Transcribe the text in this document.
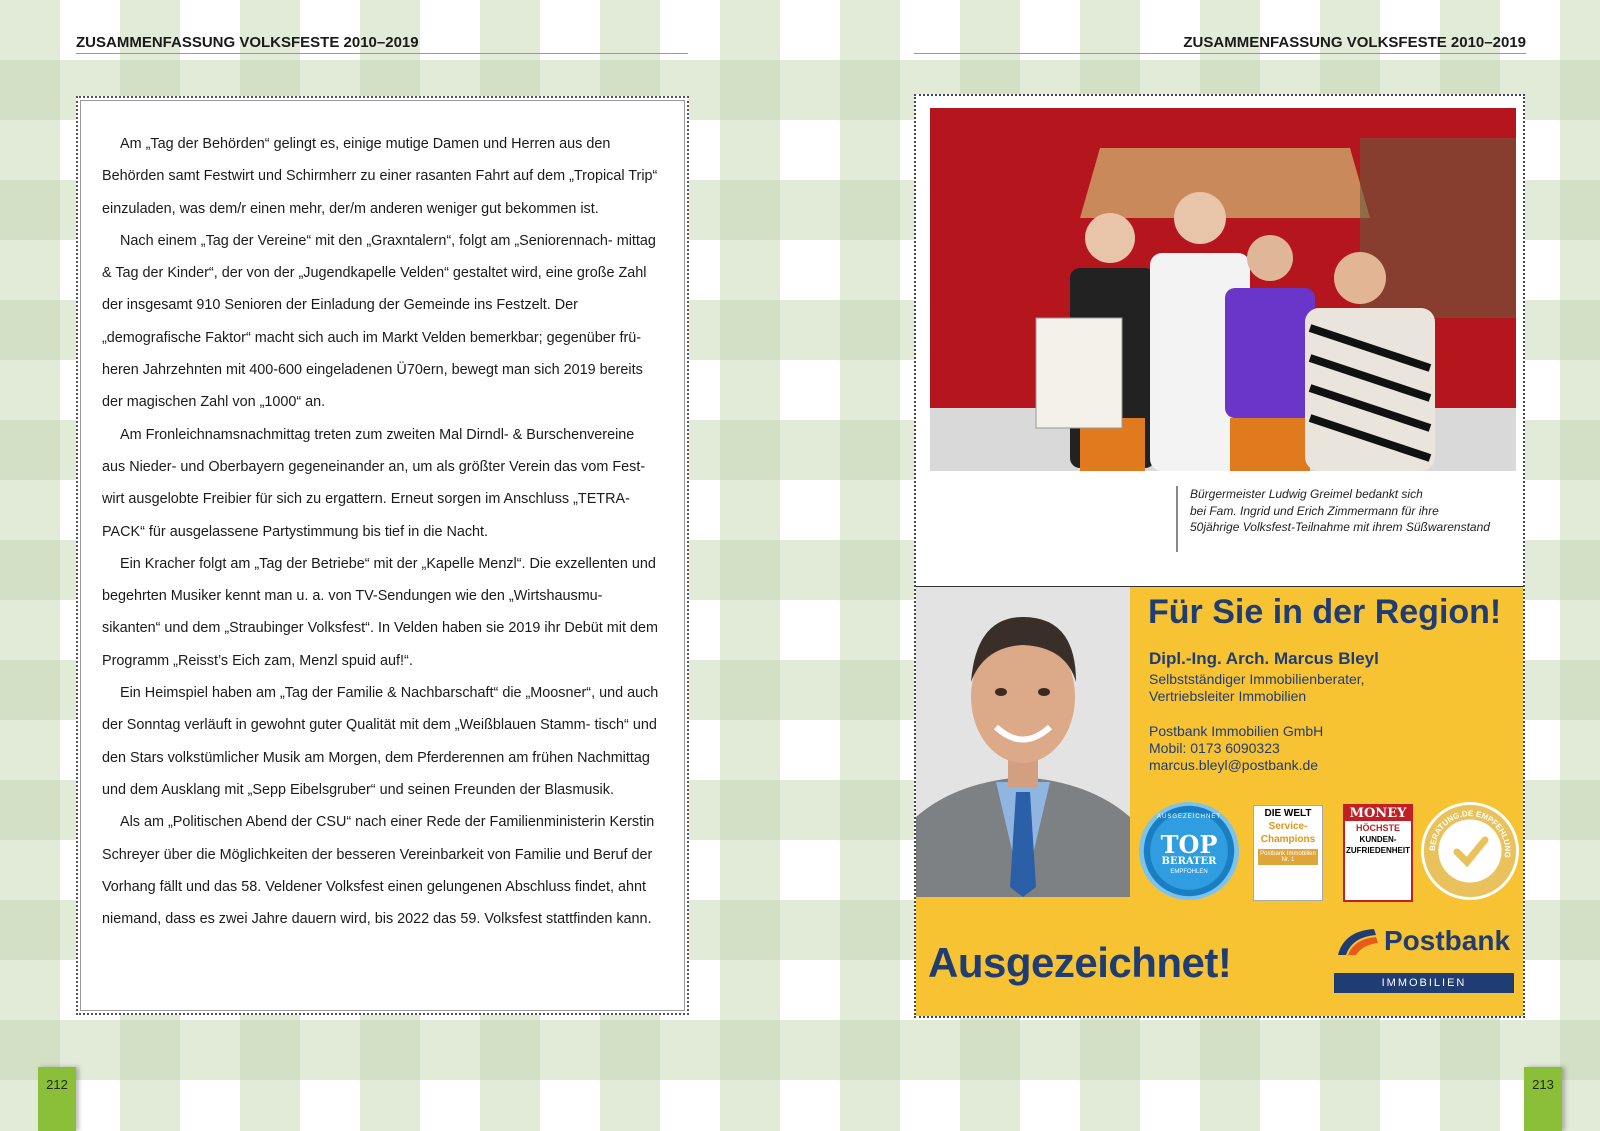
ZUSAMMENFASSUNG VOLKSFESTE 2010–2019	ZUSAMMENFASSUNG VOLKSFESTE 2010–2019

Am „Tag der Behörden“ gelingt es, einige mutige Damen und Herren aus den Behörden samt Festwirt und Schirmherr zu einer rasanten Fahrt auf dem „Tropical Trip“ einzuladen, was dem/r einen mehr, der/m anderen weniger gut bekommen ist.

Nach einem „Tag der Vereine“ mit den „Graxntalern“, folgt am „Seniorennach- mittag & Tag der Kinder“, der von der „Jugendkapelle Velden“ gestaltet wird, eine große Zahl der insgesamt 910 Senioren der Einladung der Gemeinde ins Festzelt. Der „demografische Faktor“ macht sich auch im Markt Velden bemerkbar; gegenüber frü- heren Jahrzehnten mit 400-600 eingeladenen Ü70ern, bewegt man sich 2019 bereits der magischen Zahl von „1000“ an.

Am Fronleichnamsnachmittag treten zum zweiten Mal Dirndl- & Burschenvereine aus Nieder- und Oberbayern gegeneinander an, um als größter Verein das vom Fest- wirt ausgelobte Freibier für sich zu ergattern. Erneut sorgen im Anschluss „TETRA- PACK“ für ausgelassene Partystimmung bis tief in die Nacht.

Ein Kracher folgt am „Tag der Betriebe“ mit der „Kapelle Menzl“. Die exzellenten und begehrten Musiker kennt man u. a. von TV-Sendungen wie den „Wirtshausmu- sikanten“ und dem „Straubinger Volksfest“. In Velden haben sie 2019 ihr Debüt mit dem Programm „Reisst’s Eich zam, Menzl spuid auf!“.

Ein Heimspiel haben am „Tag der Familie & Nachbarschaft“ die „Moosner“, und auch der Sonntag verläuft in gewohnt guter Qualität mit dem „Weißblauen Stamm- tisch“ und den Stars volkstümlicher Musik am Morgen, dem Pferderennen am frühen Nachmittag und dem Ausklang mit „Sepp Eibelsgruber“ und seinen Freunden der Blasmusik.

Als am „Politischen Abend der CSU“ nach einer Rede der Familienministerin Kerstin Schreyer über die Möglichkeiten der besseren Vereinbarkeit von Familie und Beruf der Vorhang fällt und das 58. Veldener Volksfest einen gelungenen Abschluss findet, ahnt niemand, dass es zwei Jahre dauern wird, bis 2022 das 59. Volksfest stattfinden kann.

Bürgermeister Ludwig Greimel bedankt sich
bei Fam. Ingrid und Erich Zimmermann für ihre
50jährige Volksfest-Teilnahme mit ihrem Süßwarenstand
Für Sie in der Region!
Dipl.-Ing. Arch. Marcus Bleyl
Selbstständiger Immobilienberater,
Vertriebsleiter Immobilien
Postbank Immobilien GmbH
Mobil: 0173 6090323
marcus.bleyl@postbank.de
AUSGEZEICHNET
TOP
BERATER
EMPFOHLEN
DIE WELT
Service-
Champions
Postbank Immobilien Nr. 1
MONEY
HÖCHSTE
KUNDEN-
ZUFRIEDENHEIT BERATUNG.DE EMPFEHLUNG
Ausgezeichnet!	Postbank
IMMOBILIEN
212	213
